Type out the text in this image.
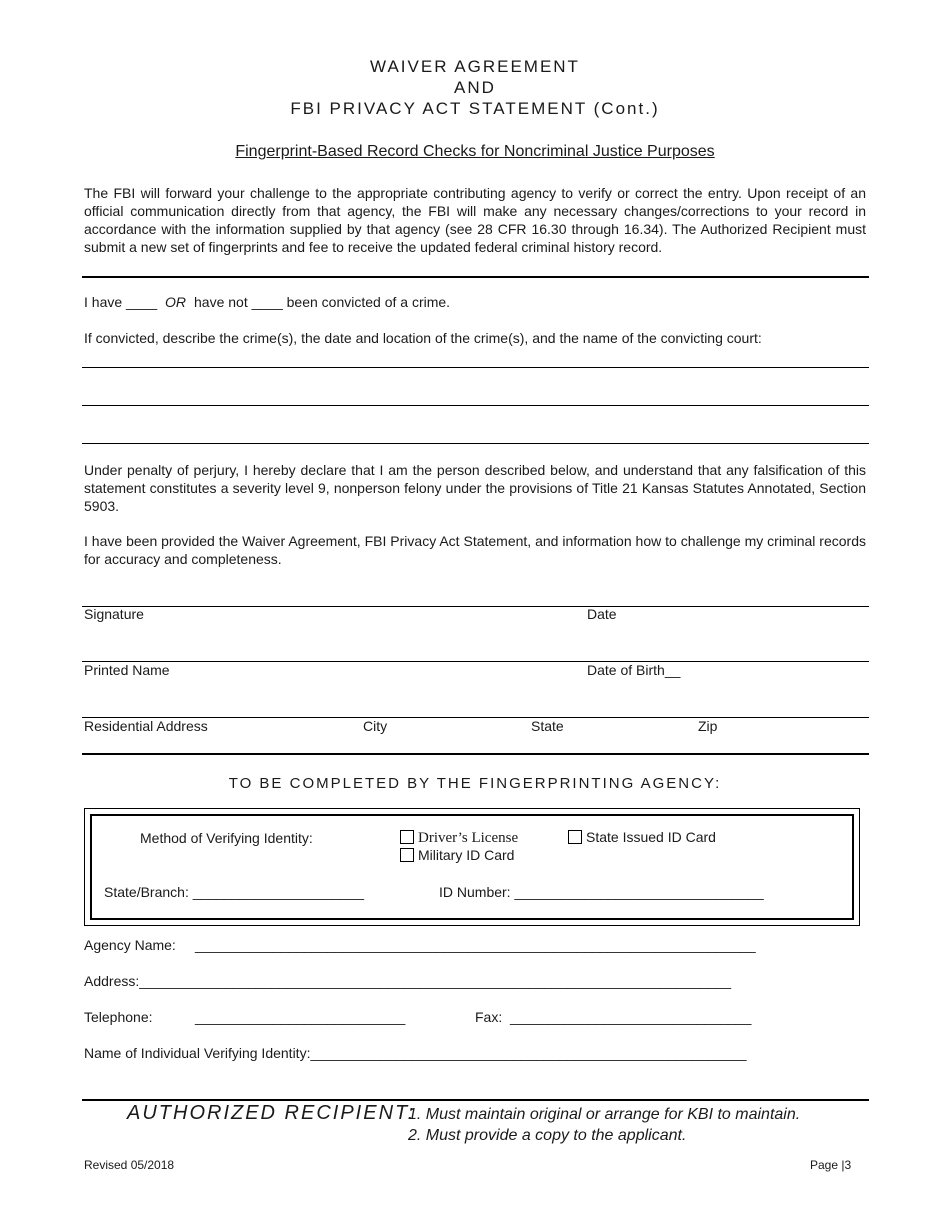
WAIVER AGREEMENT
AND
FBI PRIVACY ACT STATEMENT (Cont.)
Fingerprint-Based Record Checks for Noncriminal Justice Purposes
The FBI will forward your challenge to the appropriate contributing agency to verify or correct the entry. Upon receipt of an official communication directly from that agency, the FBI will make any necessary changes/corrections to your record in accordance with the information supplied by that agency (see 28 CFR 16.30 through 16.34). The Authorized Recipient must submit a new set of fingerprints and fee to receive the updated federal criminal history record.
I have ____ OR have not ____ been convicted of a crime.
If convicted, describe the crime(s), the date and location of the crime(s), and the name of the convicting court:
Under penalty of perjury, I hereby declare that I am the person described below, and understand that any falsification of this statement constitutes a severity level 9, nonperson felony under the provisions of Title 21 Kansas Statutes Annotated, Section 5903.
I have been provided the Waiver Agreement, FBI Privacy Act Statement, and information how to challenge my criminal records for accuracy and completeness.
Signature	Date
Printed Name	Date of Birth__
Residential Address	City	State	Zip
TO BE COMPLETED BY THE FINGERPRINTING AGENCY:
Method of Verifying Identity:	Driver’s License	State Issued ID Card
Military ID Card
State/Branch: ______________________	ID Number: ________________________________
Agency Name: ________________________________________________________________________
Address:____________________________________________________________________________
Telephone:	___________________________	Fax: _______________________________
Name of Individual Verifying Identity:________________________________________________________
AUTHORIZED RECIPIENT:
1. Must maintain original or arrange for KBI to maintain.
2. Must provide a copy to the applicant.
Revised 05/2018	Page |3
